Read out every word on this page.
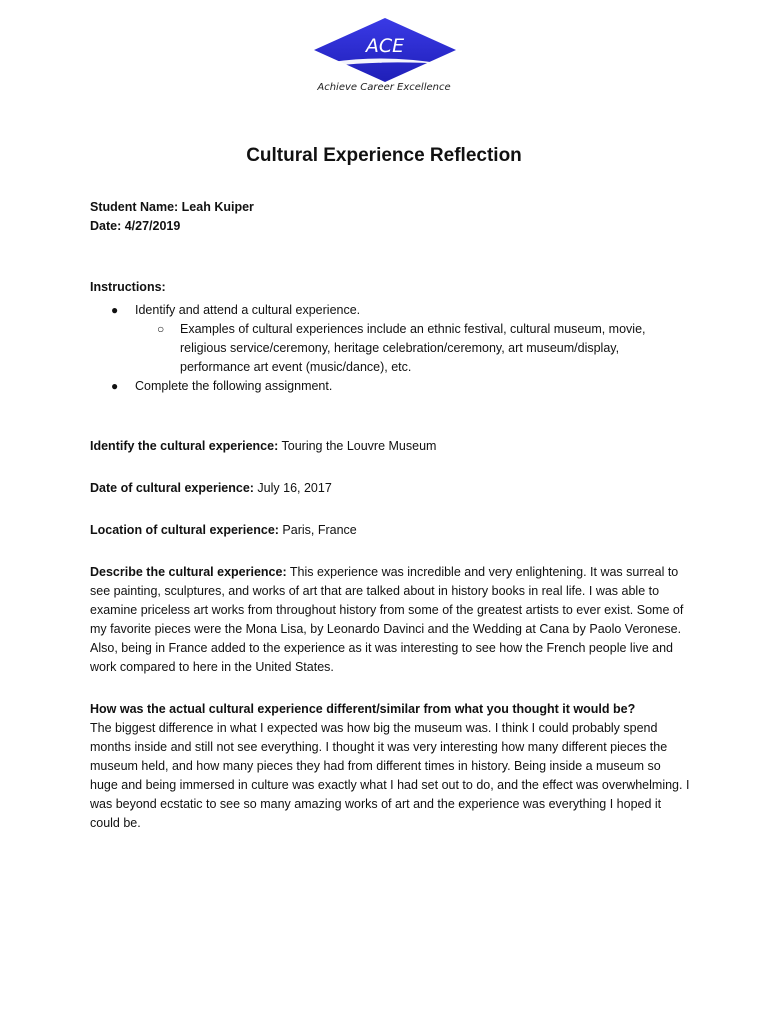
ACE
Achieve Career Excellence
Cultural Experience Reflection

Student Name: Leah Kuiper

Date: 4/27/2019

Instructions:

● Identify and attend a cultural experience.
○ Examples of cultural experiences include an ethnic festival, cultural museum, movie, religious service/ceremony, heritage celebration/ceremony, art museum/display, performance art event (music/dance), etc.
● Complete the following assignment.

Identify the cultural experience: Touring the Louvre Museum

Date of cultural experience: July 16, 2017

Location of cultural experience: Paris, France

Describe the cultural experience: This experience was incredible and very enlightening. It was surreal to see painting, sculptures, and works of art that are talked about in history books in real life. I was able to examine priceless art works from throughout history from some of the greatest artists to ever exist. Some of my favorite pieces were the Mona Lisa, by Leonardo Davinci and the Wedding at Cana by Paolo Veronese. Also, being in France added to the experience as it was interesting to see how the French people live and work compared to here in the United States.

How was the actual cultural experience different/similar from what you thought it would be?

The biggest difference in what I expected was how big the museum was. I think I could probably spend months inside and still not see everything. I thought it was very interesting how many different pieces the museum held, and how many pieces they had from different times in history. Being inside a museum so huge and being immersed in culture was exactly what I had set out to do, and the effect was overwhelming. I was beyond ecstatic to see so many amazing works of art and the experience was everything I hoped it could be.
